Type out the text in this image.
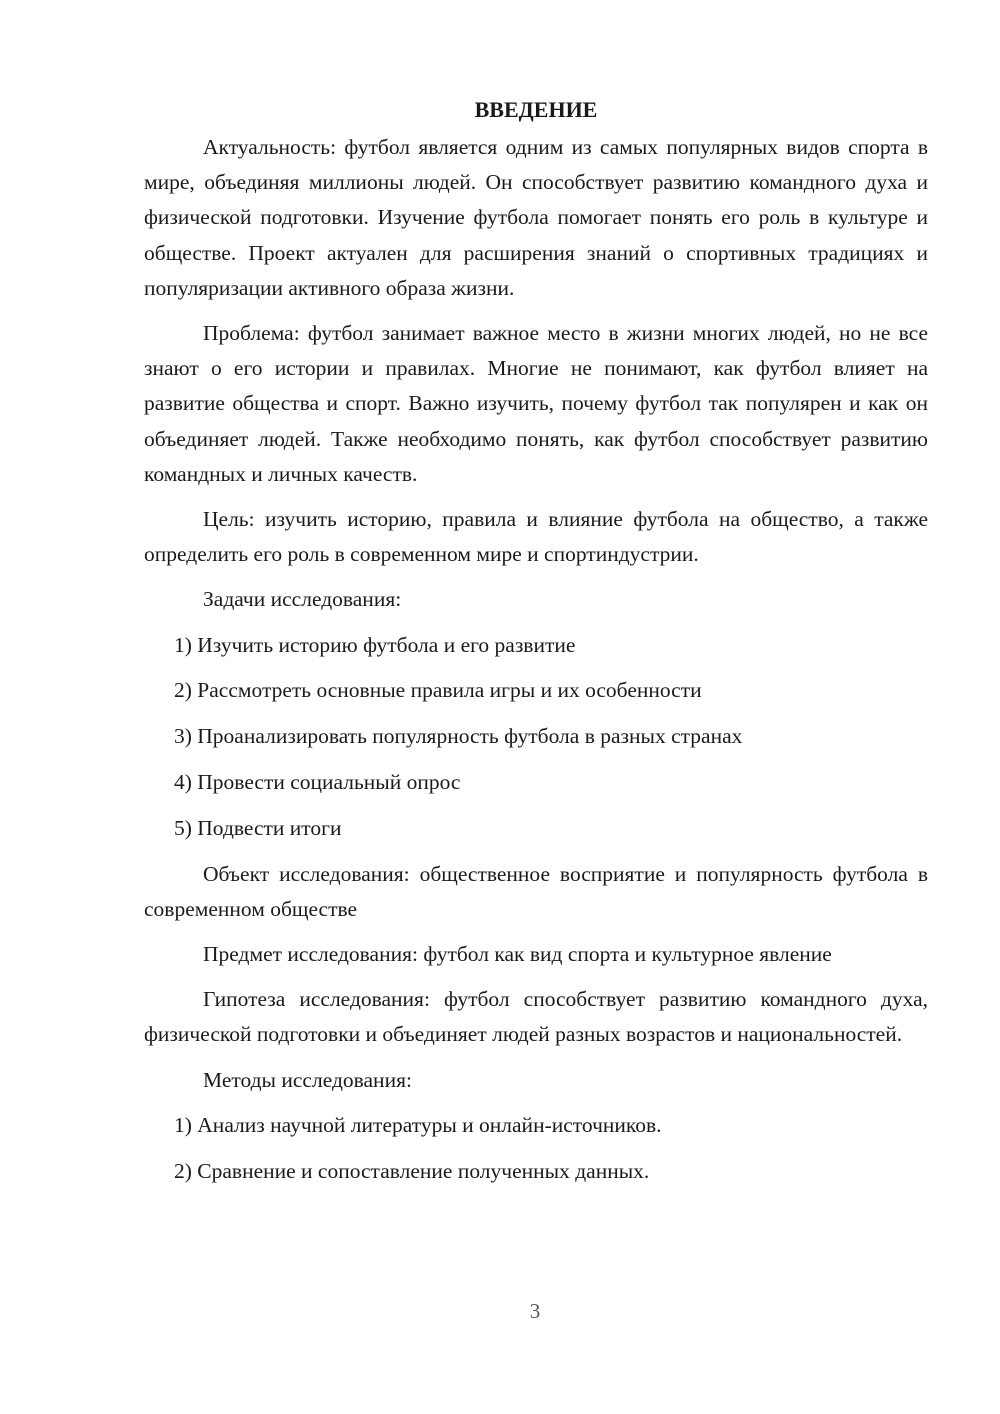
ВВЕДЕНИЕ

Актуальность: футбол является одним из самых популярных видов спорта в мире, объединяя миллионы людей. Он способствует развитию командного духа и физической подготовки. Изучение футбола помогает понять его роль в культуре и обществе. Проект актуален для расширения знаний о спортивных традициях и популяризации активного образа жизни.

Проблема: футбол занимает важное место в жизни многих людей, но не все знают о его истории и правилах. Многие не понимают, как футбол влияет на развитие общества и спорт. Важно изучить, почему футбол так популярен и как он объединяет людей. Также необходимо понять, как футбол способствует развитию командных и личных качеств.

Цель: изучить историю, правила и влияние футбола на общество, а также определить его роль в современном мире и спортиндустрии.

Задачи исследования:

1) Изучить историю футбола и его развитие
2) Рассмотреть основные правила игры и их особенности
3) Проанализировать популярность футбола в разных странах
4) Провести социальный опрос
5) Подвести итоги

Объект исследования: общественное восприятие и популярность футбола в современном обществе

Предмет исследования: футбол как вид спорта и культурное явление

Гипотеза исследования: футбол способствует развитию командного духа, физической подготовки и объединяет людей разных возрастов и национальностей.

Методы исследования:

1) Анализ научной литературы и онлайн-источников.
2) Сравнение и сопоставление полученных данных.
3
